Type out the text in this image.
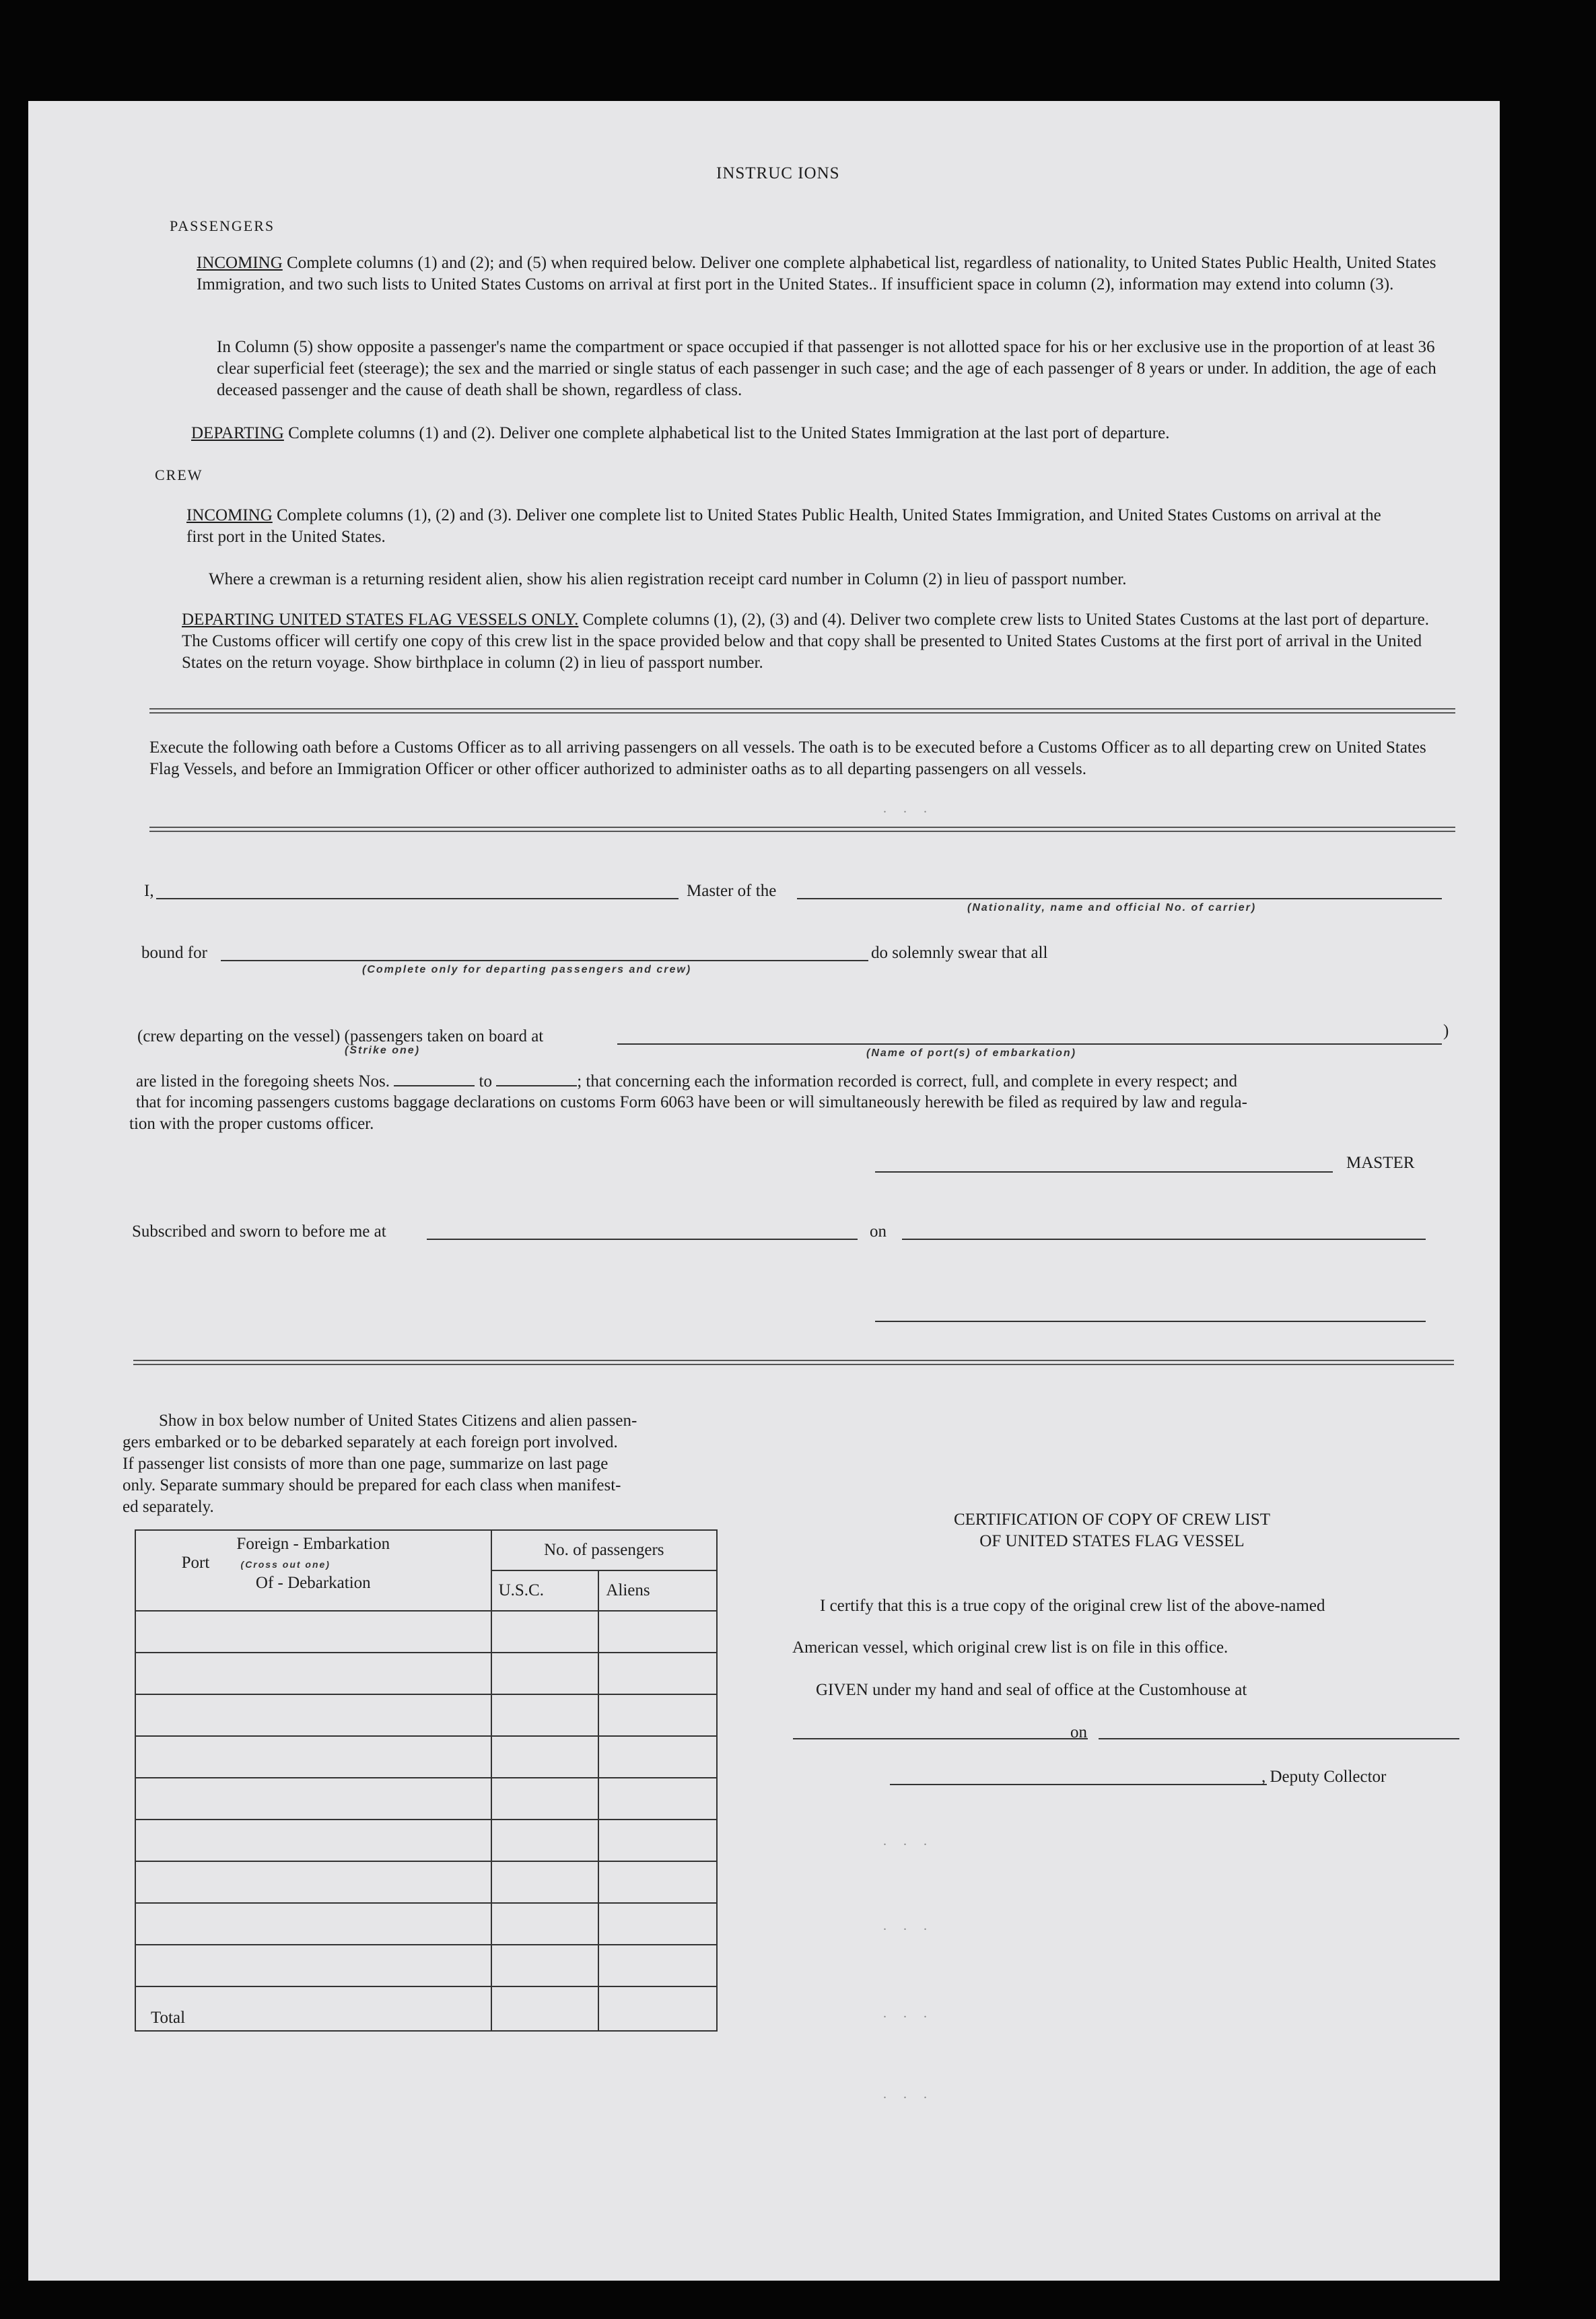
INSTRUC IONS
PASSENGERS
INCOMING Complete columns (1) and (2); and (5) when required below. Deliver one complete alphabetical list, regardless of nationality, to United States Public Health, United States Immigration, and two such lists to United States Customs on arrival at first port in the United States.. If insufficient space in column (2), information may extend into column (3).
In Column (5) show opposite a passenger's name the compartment or space occupied if that passenger is not allotted space for his or her exclusive use in the proportion of at least 36 clear superficial feet (steerage); the sex and the married or single status of each passenger in such case; and the age of each passenger of 8 years or under. In addition, the age of each deceased passenger and the cause of death shall be shown, regardless of class.
DEPARTING Complete columns (1) and (2). Deliver one complete alphabetical list to the United States Immigration at the last port of departure.
CREW
INCOMING Complete columns (1), (2) and (3). Deliver one complete list to United States Public Health, United States Immigration, and United States Customs on arrival at the first port in the United States.
Where a crewman is a returning resident alien, show his alien registration receipt card number in Column (2) in lieu of passport number.
DEPARTING UNITED STATES FLAG VESSELS ONLY. Complete columns (1), (2), (3) and (4). Deliver two complete crew lists to United States Customs at the last port of departure. The Customs officer will certify one copy of this crew list in the space provided below and that copy shall be presented to United States Customs at the first port of arrival in the United States on the return voyage. Show birthplace in column (2) in lieu of passport number.
Execute the following oath before a Customs Officer as to all arriving passengers on all vessels. The oath is to be executed before a Customs Officer as to all departing crew on United States Flag Vessels, and before an Immigration Officer or other officer authorized to administer oaths as to all departing passengers on all vessels.
. . .
I,	Master of the
(Nationality, name and official No. of carrier)
bound for
(Complete only for departing passengers and crew)
do solemnly swear that all
(crew departing on the vessel) (passengers taken on board at
(Strike one)
)
(Name of port(s) of embarkation)
are listed in the foregoing sheets Nos.	to	; that concerning each the information recorded is correct, full, and complete in every respect; and
that for incoming passengers customs baggage declarations on customs Form 6063 have been or will simultaneously herewith be filed as required by law and regula-
tion with the proper customs officer.
MASTER
Subscribed and sworn to before me at	on
Show in box below number of United States Citizens and alien passen-
gers embarked or to be debarked separately at each foreign port involved.
If passenger list consists of more than one page, summarize on last page
only. Separate summary should be prepared for each class when manifest-
ed separately.
Foreign - Embarkation
Port (Cross out one)
Of - Debarkation	No. of passengers	
	U.S.C.	Aliens

Total		
CERTIFICATION OF COPY OF CREW LIST
OF UNITED STATES FLAG VESSEL
I certify that this is a true copy of the original crew list of the above-named
American vessel, which original crew list is on file in this office.
GIVEN under my hand and seal of office at the Customhouse at
on
, Deputy Collector
. . .
. . .
. . .
. . .
